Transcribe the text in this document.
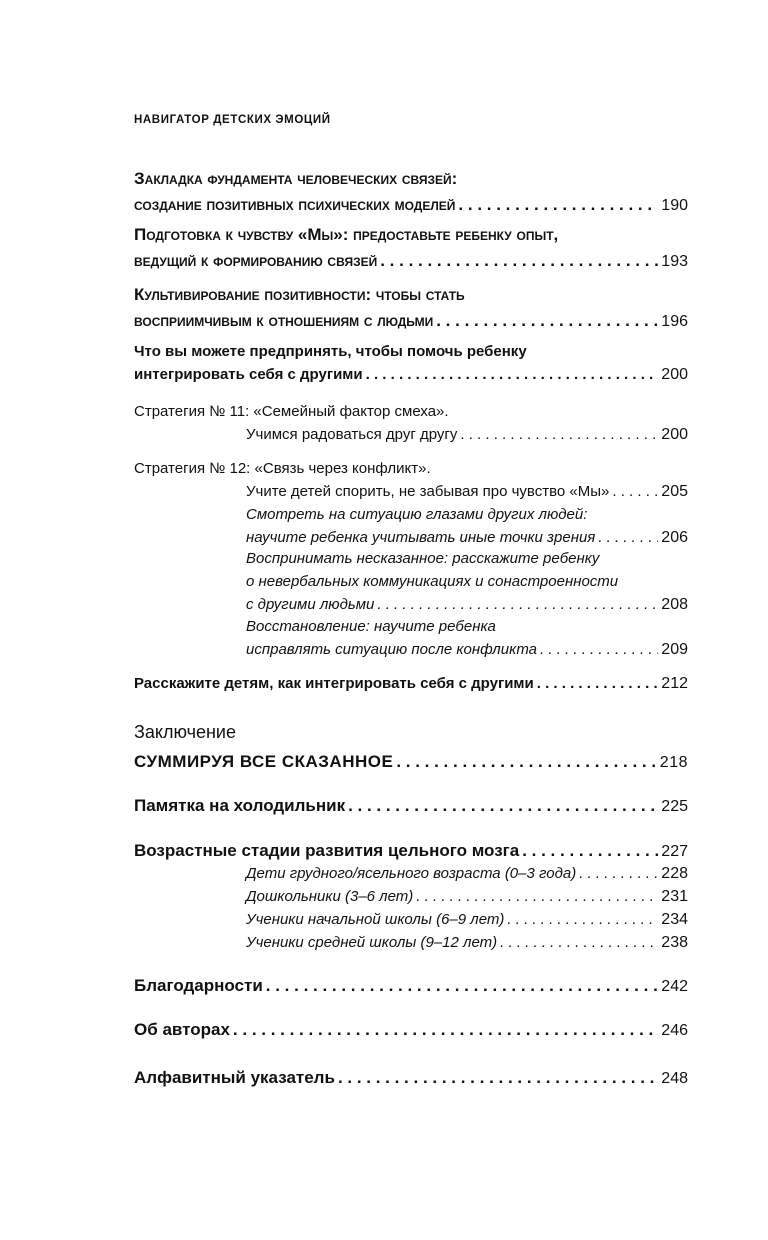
НАВИГАТОР ДЕТСКИХ ЭМОЦИЙ
Закладка фундамента человеческих связей:
создание позитивных психических моделей . . .	190
Подготовка к чувству «Мы»: предоставьте ребенку опыт,
ведущий к формированию связей . . .	193
Культивирование позитивности: чтобы стать
восприимчивым к отношениям с людьми . . .	196
Что вы можете предпринять, чтобы помочь ребенку
интегрировать себя с другими . . .	200
Стратегия № 11: «Семейный фактор смеха».
Учимся радоваться друг другу . . .	200
Стратегия № 12: «Связь через конфликт».
Учите детей спорить, не забывая про чувство «Мы» . . .	205
Смотреть на ситуацию глазами других людей:
научите ребенка учитывать иные точки зрения . . .	206
Воспринимать несказанное: расскажите ребенку
о невербальных коммуникациях и сонастроенности
с другими людьми . . .	208
Восстановление: научите ребенка
исправлять ситуацию после конфликта . . .	209
Расскажите детям, как интегрировать себя с другими . . .	212
Заключение
СУММИРУЯ ВСЕ СКАЗАННОЕ . . .	218
Памятка на холодильник . . .	225
Возрастные стадии развития цельного мозга . . .	227
Дети грудного/ясельного возраста (0–3 года) . . .	228
Дошкольники (3–6 лет) . . .	231
Ученики начальной школы (6–9 лет) . . .	234
Ученики средней школы (9–12 лет) . . .	238
Благодарности . . .	242
Об авторах . . .	246
Алфавитный указатель . . .	248
